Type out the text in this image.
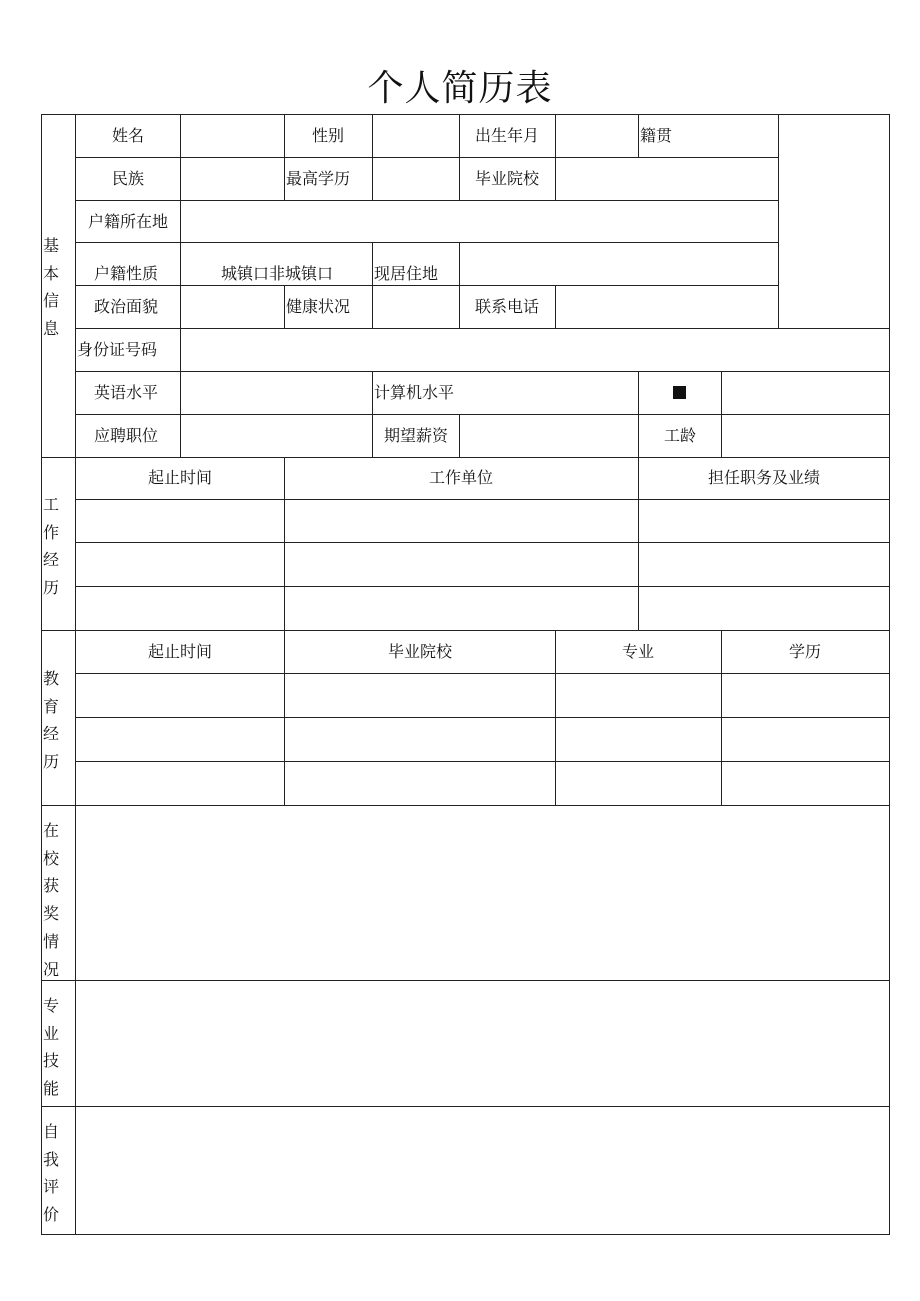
个人简历表
基本信息
工作经历
教育经历
在校获奖情况
专业技能
自我评价
姓名	性别	出生年月	籍贯
民族	最高学历	毕业院校
户籍所在地
户籍性质	城镇口非城镇口	现居住地
政治面貌	健康状况	联系电话
身份证号码
英语水平	计算机水平
应聘职位	期望薪资	工龄
起止时间	工作单位	担任职务及业绩
起止时间	毕业院校	专业	学历
